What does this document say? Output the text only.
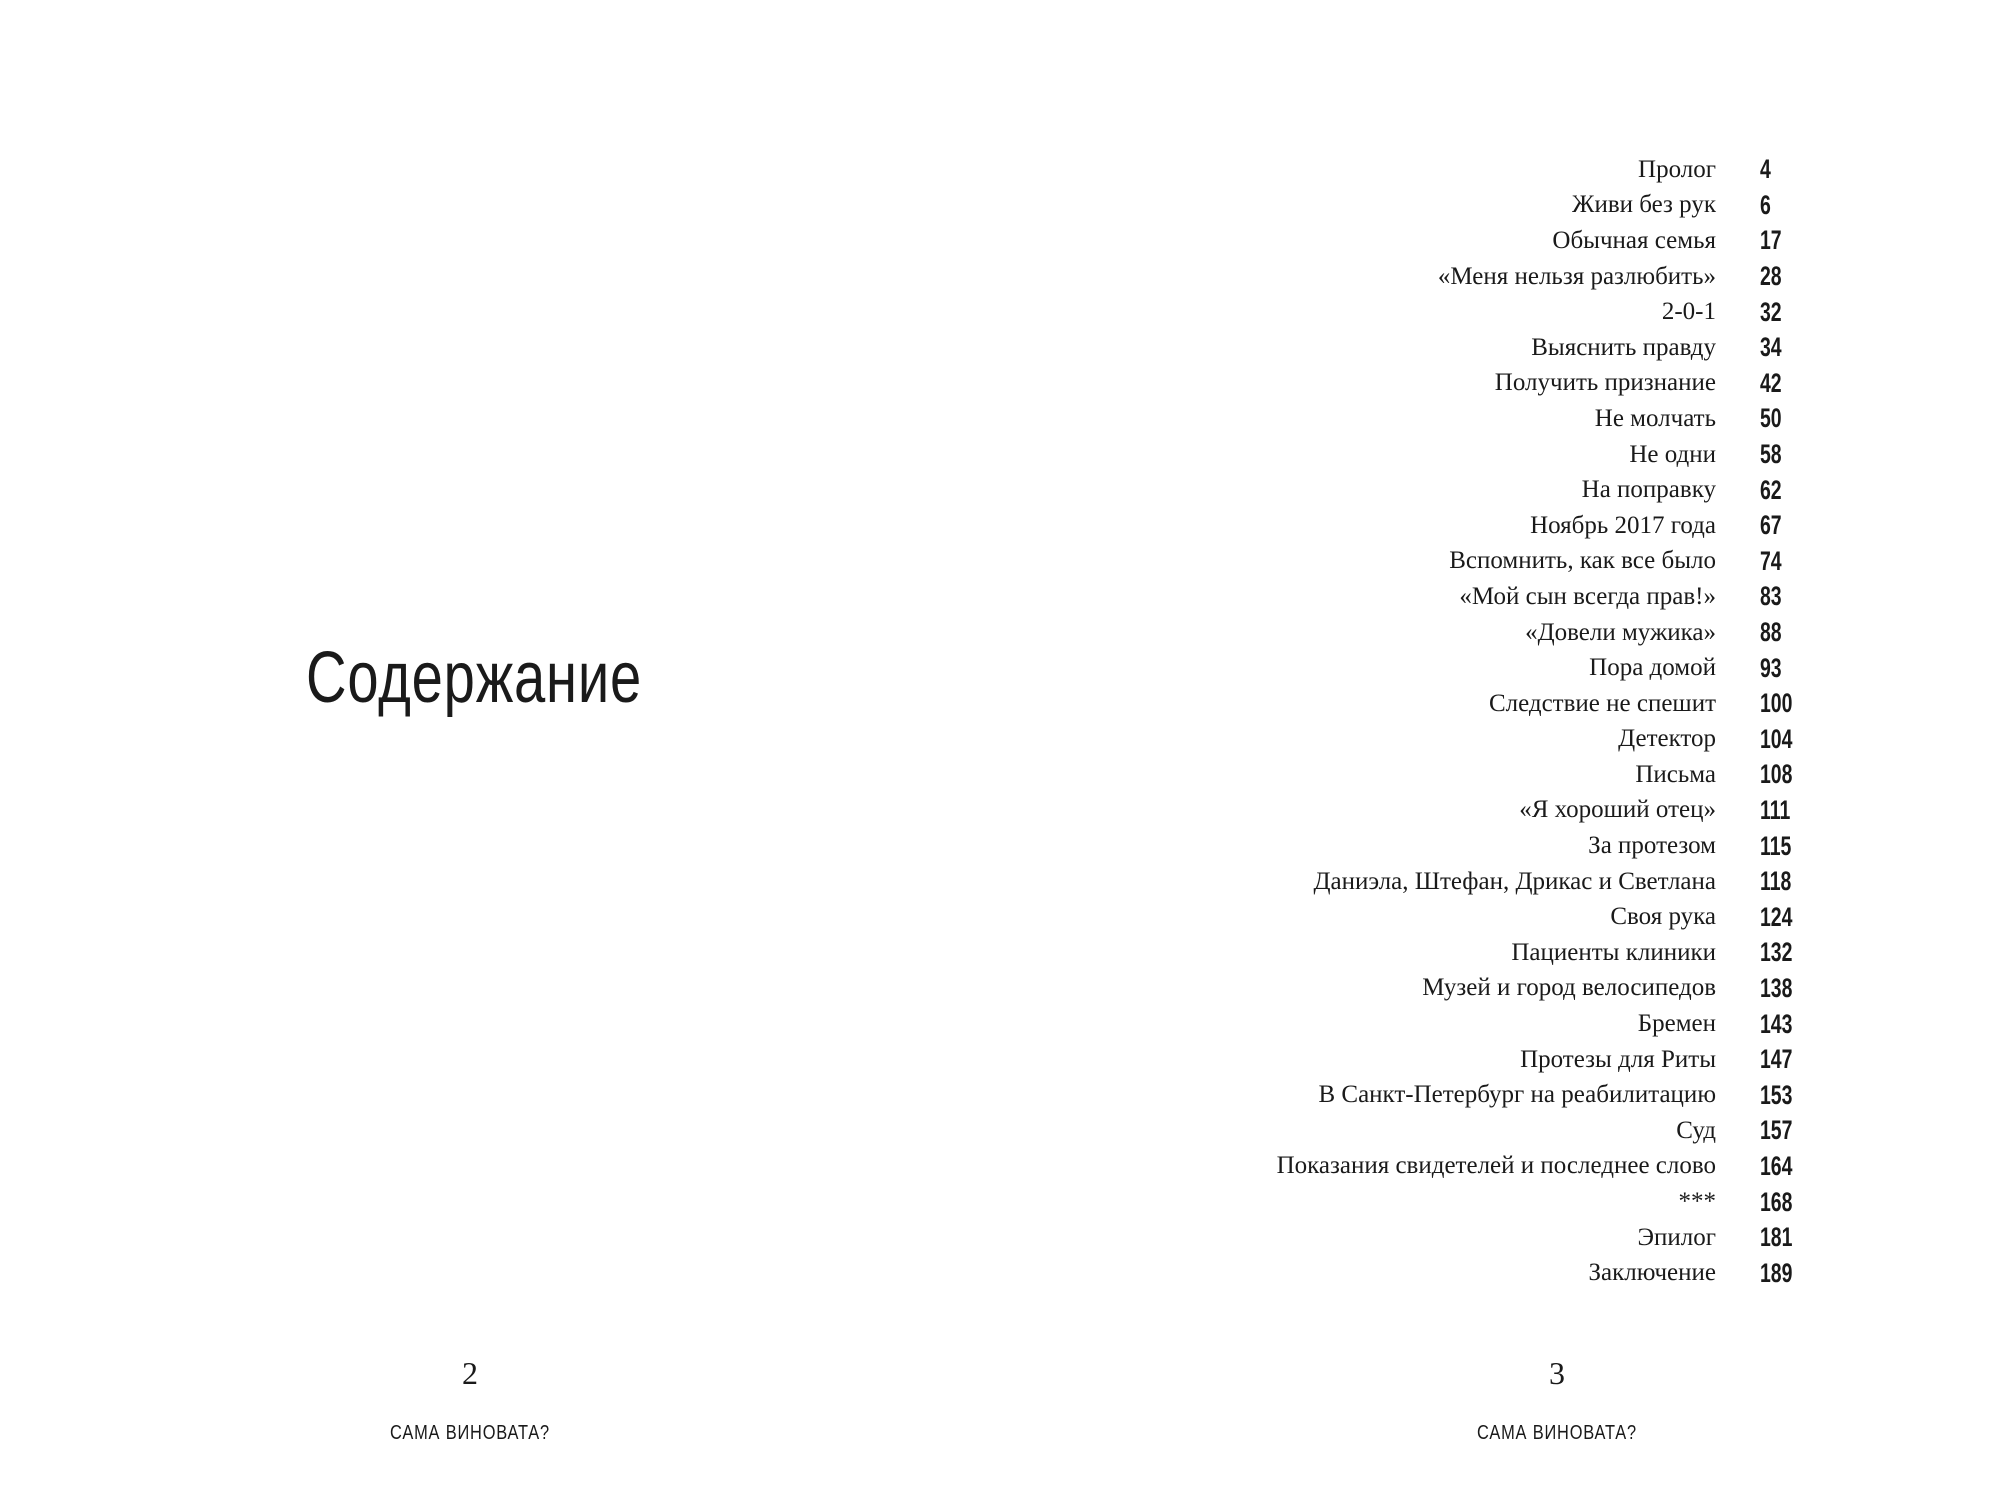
Содержание
2
САМА ВИНОВАТА?
Пролог 4
Живи без рук 6
Обычная семья 17
«Меня нельзя разлюбить» 28
2-0-1 32
Выяснить правду 34
Получить признание 42
Не молчать 50
Не одни 58
На поправку 62
Ноябрь 2017 года 67
Вспомнить, как все было 74
«Мой сын всегда прав!» 83
«Довели мужика» 88
Пора домой 93
Следствие не спешит 100
Детектор 104
Письма 108
«Я хороший отец» 111
За протезом 115
Даниэла, Штефан, Дрикас и Светлана 118
Своя рука 124
Пациенты клиники 132
Музей и город велосипедов 138
Бремен 143
Протезы для Риты 147
В Санкт-Петербург на реабилитацию 153
Суд 157
Показания свидетелей и последнее слово 164
*** 168
Эпилог 181
Заключение 189
3
САМА ВИНОВАТА?
